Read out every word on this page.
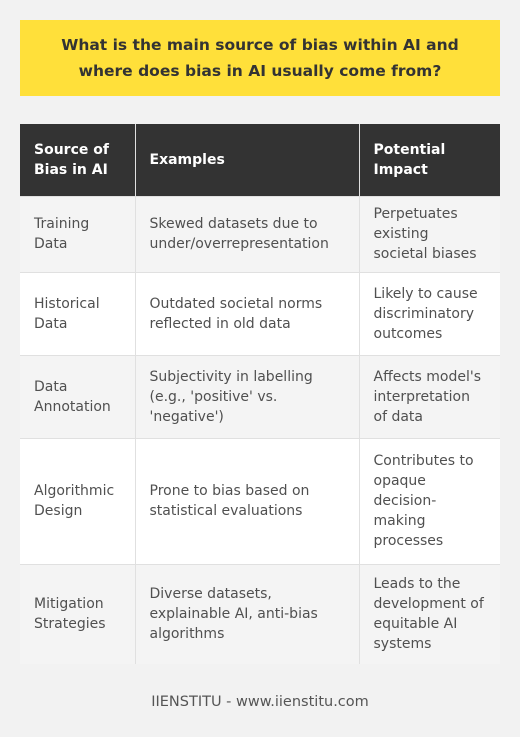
What is the main source of bias within AI and where does bias in AI usually come from?
Source of Bias in AI	Examples	Potential Impact
Training Data	Skewed datasets due to under/overrepresentation	Perpetuates existing societal biases
Historical Data	Outdated societal norms reflected in old data	Likely to cause discriminatory outcomes
Data Annotation	Subjectivity in labelling (e.g., 'positive' vs. 'negative')	Affects model's interpretation of data
Algorithmic Design	Prone to bias based on statistical evaluations	Contributes to opaque decision-making processes
Mitigation Strategies	Diverse datasets, explainable AI, anti-bias algorithms	Leads to the development of equitable AI systems
IIENSTITU - www.iienstitu.com
